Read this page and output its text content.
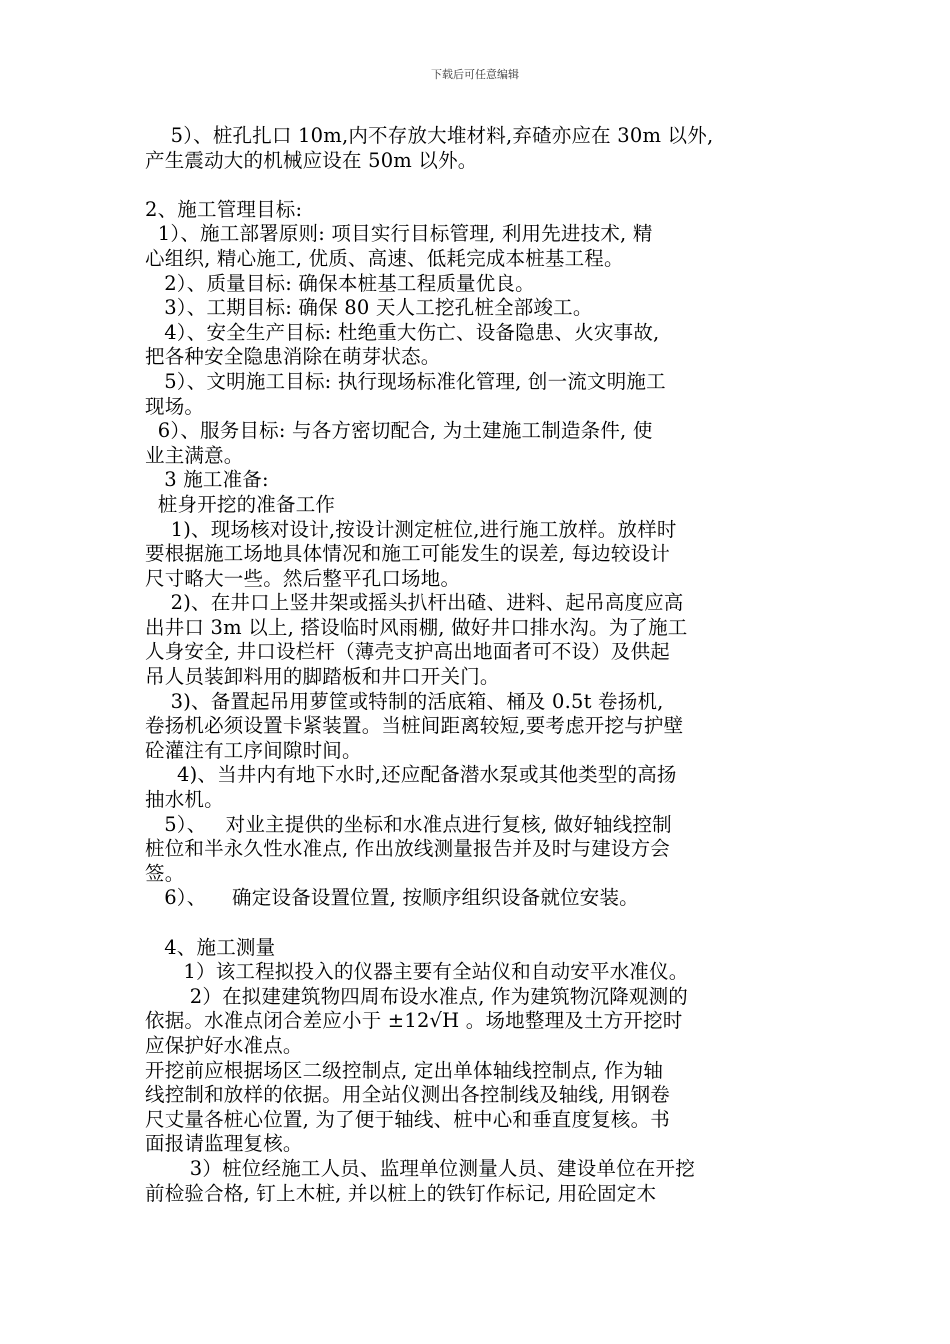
下载后可任意编辑
5）、桩孔扎口 10m,内不存放大堆材料,弃碴亦应在 30m 以外,
产生震动大的机械应设在 50m 以外。
2、施工管理目标:
1）、施工部署原则: 项目实行目标管理, 利用先进技术, 精
心组织, 精心施工, 优质、高速、低耗完成本桩基工程。
2）、质量目标: 确保本桩基工程质量优良。
3）、工期目标: 确保 80 天人工挖孔桩全部竣工。
4）、安全生产目标: 杜绝重大伤亡、设备隐患、火灾事故,
把各种安全隐患消除在萌芽状态。
5）、文明施工目标: 执行现场标准化管理, 创一流文明施工
现场。
6）、服务目标: 与各方密切配合, 为土建施工制造条件, 使
业主满意。
3 施工准备:
桩身开挖的准备工作
1)、现场核对设计,按设计测定桩位,进行施工放样。放样时
要根据施工场地具体情况和施工可能发生的误差, 每边较设计
尺寸略大一些。然后整平孔口场地。
2)、在井口上竖井架或摇头扒杆出碴、进料、起吊高度应高
出井口 3m 以上, 搭设临时风雨棚, 做好井口排水沟。为了施工
人身安全, 井口设栏杆（薄壳支护高出地面者可不设）及供起
吊人员装卸料用的脚踏板和井口开关门。
3)、备置起吊用萝筐或特制的活底箱、桶及 0.5t 卷扬机,
卷扬机必须设置卡紧装置。当桩间距离较短,要考虑开挖与护壁
砼灌注有工序间隙时间。
4)、当井内有地下水时,还应配备潜水泵或其他类型的高扬
抽水机。
5）、   对业主提供的坐标和水准点进行复核, 做好轴线控制
桩位和半永久性水准点, 作出放线测量报告并及时与建设方会
签。
6）、    确定设备设置位置, 按顺序组织设备就位安装。
4、施工测量
1）该工程拟投入的仪器主要有全站仪和自动安平水准仪。
2）在拟建建筑物四周布设水准点, 作为建筑物沉降观测的
依据。水准点闭合差应小于 ±12√H 。场地整理及土方开挖时
应保护好水准点。
开挖前应根据场区二级控制点, 定出单体轴线控制点, 作为轴
线控制和放样的依据。用全站仪测出各控制线及轴线, 用钢卷
尺丈量各桩心位置, 为了便于轴线、桩中心和垂直度复核。书
面报请监理复核。
3）桩位经施工人员、监理单位测量人员、建设单位在开挖
前检验合格, 钉上木桩, 并以桩上的铁钉作标记, 用砼固定木
